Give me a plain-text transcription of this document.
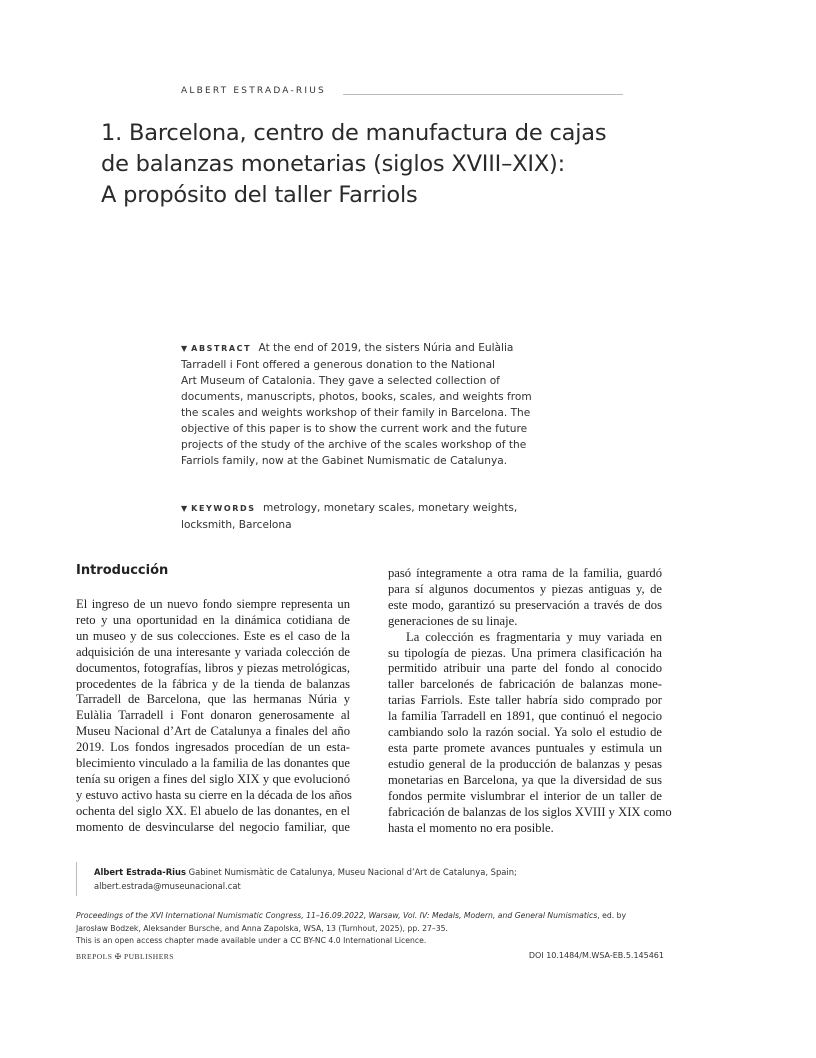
ALBERT ESTRADA-RIUS
1. Barcelona, centro de manufactura de cajas
de balanzas monetarias (siglos XVIII–XIX):
A propósito del taller Farriols
▼ ABSTRACT At the end of 2019, the sisters Núria and Eulàlia
Tarradell i Font offered a generous donation to the National
Art Museum of Catalonia. They gave a selected collection of
documents, manuscripts, photos, books, scales, and weights from
the scales and weights workshop of their family in Barcelona. The
objective of this paper is to show the current work and the future
projects of the study of the archive of the scales workshop of the
Farriols family, now at the Gabinet Numismatic de Catalunya.
▼ KEYWORDS metrology, monetary scales, monetary weights,
locksmith, Barcelona
Introducción
El ingreso de un nuevo fondo siempre representa un
reto y una oportunidad en la dinámica cotidiana de
un museo y de sus colecciones. Este es el caso de la
adquisición de una interesante y variada colección de
documentos, fotografías, libros y piezas metrológicas,
procedentes de la fábrica y de la tienda de balanzas
Tarradell de Barcelona, que las hermanas Núria y
Eulàlia Tarradell i Font donaron generosamente al
Museu Nacional d’Art de Catalunya a finales del año
2019. Los fondos ingresados procedían de un esta-
blecimiento vinculado a la familia de las donantes que
tenía su origen a fines del siglo XIX y que evolucionó
y estuvo activo hasta su cierre en la década de los años
ochenta del siglo XX. El abuelo de las donantes, en el
momento de desvincularse del negocio familiar, que
pasó íntegramente a otra rama de la familia, guardó
para sí algunos documentos y piezas antiguas y, de
este modo, garantizó su preservación a través de dos
generaciones de su linaje.
La colección es fragmentaria y muy variada en
su tipología de piezas. Una primera clasificación ha
permitido atribuir una parte del fondo al conocido
taller barcelonés de fabricación de balanzas mone-
tarias Farriols. Este taller habría sido comprado por
la familia Tarradell en 1891, que continuó el negocio
cambiando solo la razón social. Ya solo el estudio de
esta parte promete avances puntuales y estimula un
estudio general de la producción de balanzas y pesas
monetarias en Barcelona, ya que la diversidad de sus
fondos permite vislumbrar el interior de un taller de
fabricación de balanzas de los siglos XVIII y XIX como
hasta el momento no era posible.
Albert Estrada-Rius Gabinet Numismàtic de Catalunya, Museu Nacional d’Art de Catalunya, Spain;
albert.estrada@museunacional.cat
Proceedings of the XVI International Numismatic Congress, 11–16.09.2022, Warsaw, Vol. IV: Medals, Modern, and General Numismatics, ed. by
Jarosław Bodzek, Aleksander Bursche, and Anna Zapolska, WSA, 13 (Turnhout, 2025), pp. 27–35.
This is an open access chapter made available under a CC BY-NC 4.0 International Licence.
BREPOLS ✠ PUBLISHERS	DOI 10.1484/M.WSA-EB.5.145461
